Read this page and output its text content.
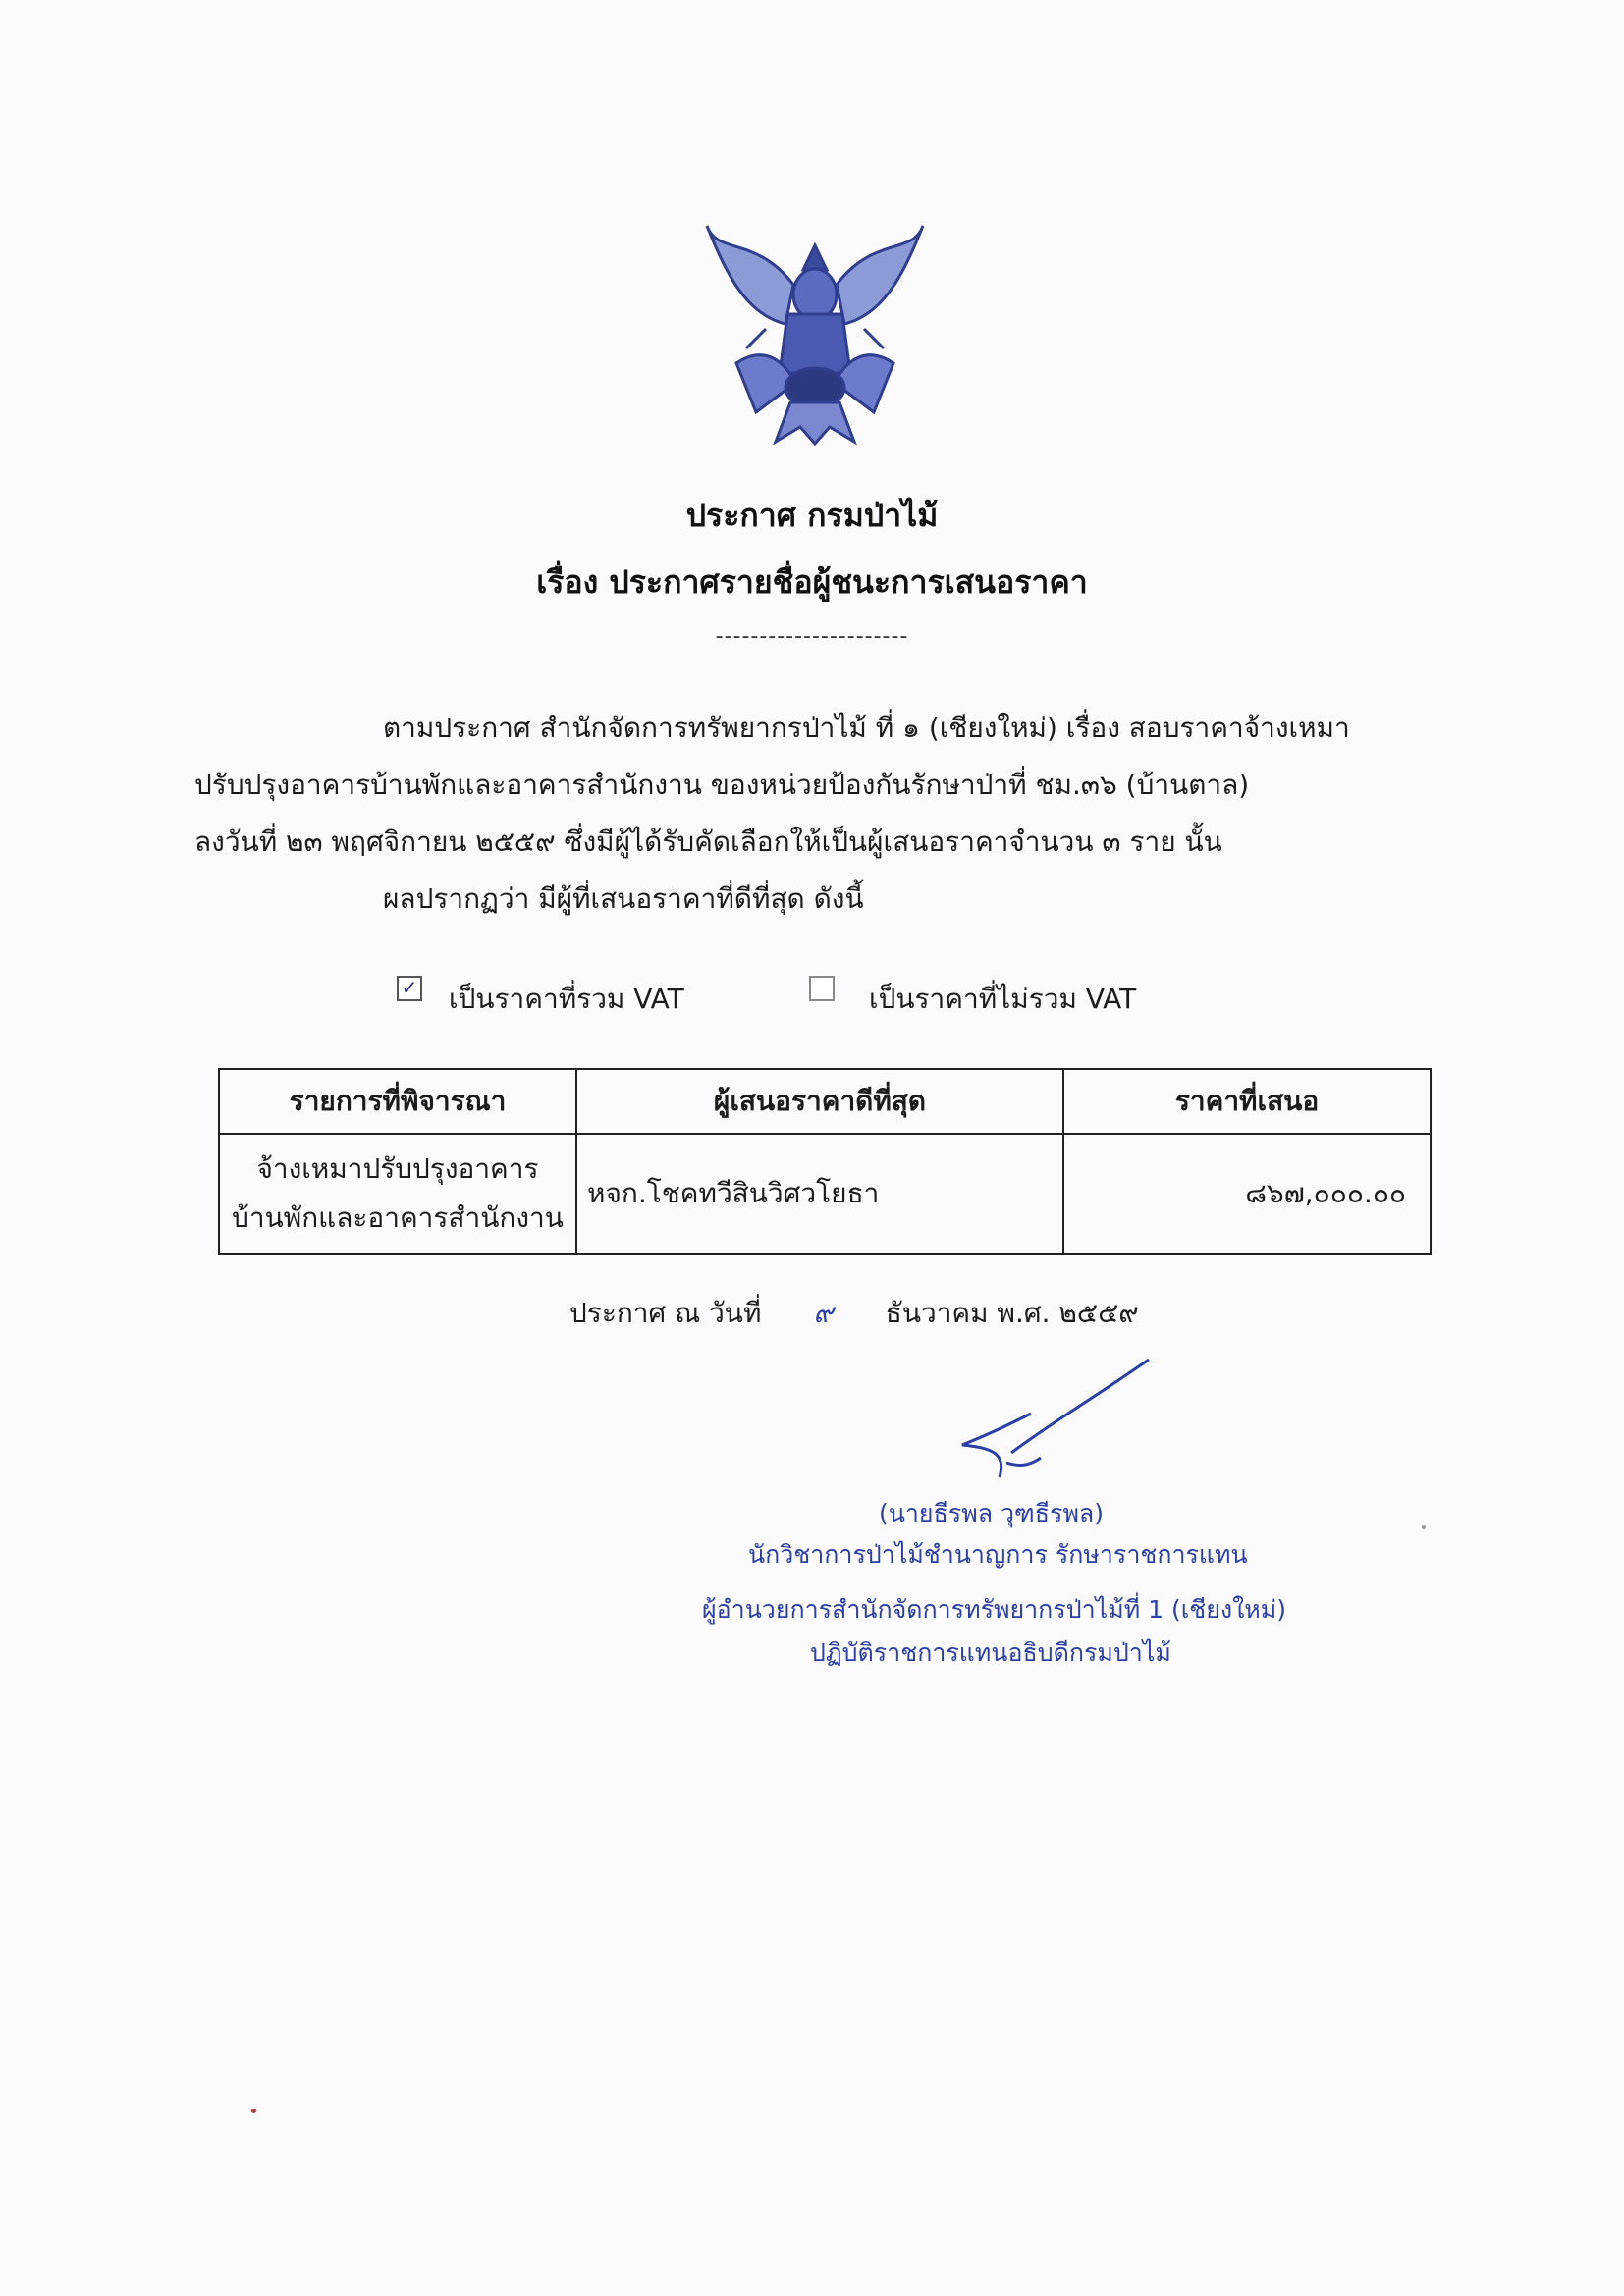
ประกาศ กรมป่าไม้
เรื่อง ประกาศรายชื่อผู้ชนะการเสนอราคา
----------------------
ตามประกาศ สำนักจัดการทรัพยากรป่าไม้ ที่ ๑ (เชียงใหม่) เรื่อง สอบราคาจ้างเหมา
ปรับปรุงอาคารบ้านพักและอาคารสำนักงาน ของหน่วยป้องกันรักษาป่าที่ ชม.๓๖ (บ้านตาล)
ลงวันที่ ๒๓ พฤศจิกายน ๒๕๕๙ ซึ่งมีผู้ได้รับคัดเลือกให้เป็นผู้เสนอราคาจำนวน ๓ ราย นั้น
ผลปรากฏว่า มีผู้ที่เสนอราคาที่ดีที่สุด ดังนี้
✓	เป็นราคาที่รวม VAT	เป็นราคาที่ไม่รวม VAT
รายการที่พิจารณา	ผู้เสนอราคาดีที่สุด	ราคาที่เสนอ

จ้างเหมาปรับปรุงอาคาร
บ้านพักและอาคารสำนักงาน	หจก.โชคทวีสินวิศวโยธา	๘๖๗,๐๐๐.๐๐
ประกาศ ณ วันที่ ๙ ธันวาคม พ.ศ. ๒๕๕๙
(นายธีรพล วุฑธีรพล)
นักวิชาการป่าไม้ชำนาญการ รักษาราชการแทน
ผู้อำนวยการสำนักจัดการทรัพยากรป่าไม้ที่ 1 (เชียงใหม่)
ปฏิบัติราชการแทนอธิบดีกรมป่าไม้
